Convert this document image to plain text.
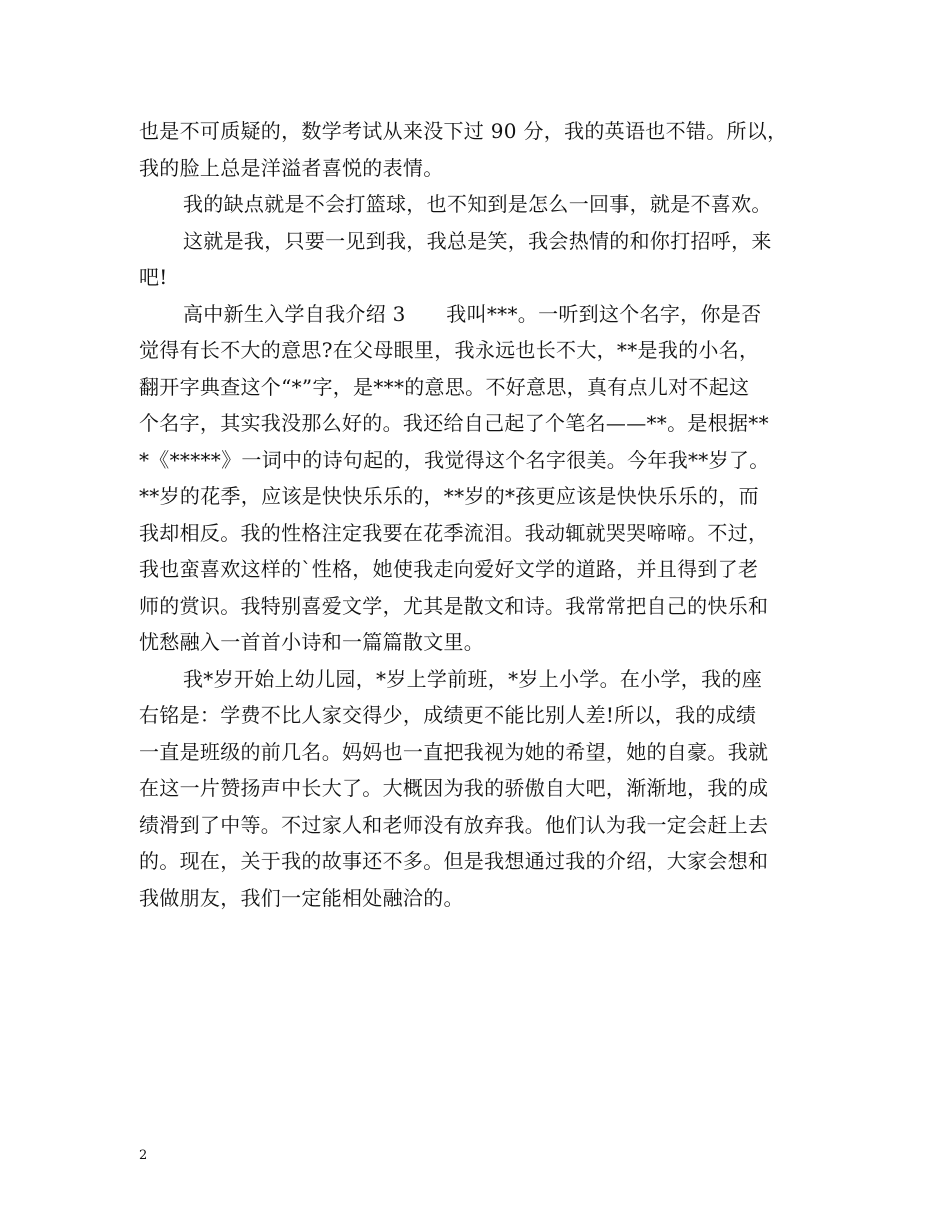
也是不可质疑的，数学考试从来没下过 90 分，我的英语也不错。所以，
我的脸上总是洋溢者喜悦的表情。
我的缺点就是不会打篮球，也不知到是怎么一回事，就是不喜欢。
这就是我，只要一见到我，我总是笑，我会热情的和你打招呼，来
吧!
高中新生入学自我介绍 3　　我叫***。一听到这个名字，你是否
觉得有长不大的意思?在父母眼里，我永远也长不大，**是我的小名，
翻开字典查这个“*”字，是***的意思。不好意思，真有点儿对不起这
个名字，其实我没那么好的。我还给自己起了个笔名——**。是根据**
*《*****》一词中的诗句起的，我觉得这个名字很美。今年我**岁了。
**岁的花季，应该是快快乐乐的，**岁的*孩更应该是快快乐乐的，而
我却相反。我的性格注定我要在花季流泪。我动辄就哭哭啼啼。不过，
我也蛮喜欢这样的`性格，她使我走向爱好文学的道路，并且得到了老
师的赏识。我特别喜爱文学，尤其是散文和诗。我常常把自己的快乐和
忧愁融入一首首小诗和一篇篇散文里。
我*岁开始上幼儿园，*岁上学前班，*岁上小学。在小学，我的座
右铭是：学费不比人家交得少，成绩更不能比别人差!所以，我的成绩
一直是班级的前几名。妈妈也一直把我视为她的希望，她的自豪。我就
在这一片赞扬声中长大了。大概因为我的骄傲自大吧，渐渐地，我的成
绩滑到了中等。不过家人和老师没有放弃我。他们认为我一定会赶上去
的。现在，关于我的故事还不多。但是我想通过我的介绍，大家会想和
我做朋友，我们一定能相处融洽的。
2
